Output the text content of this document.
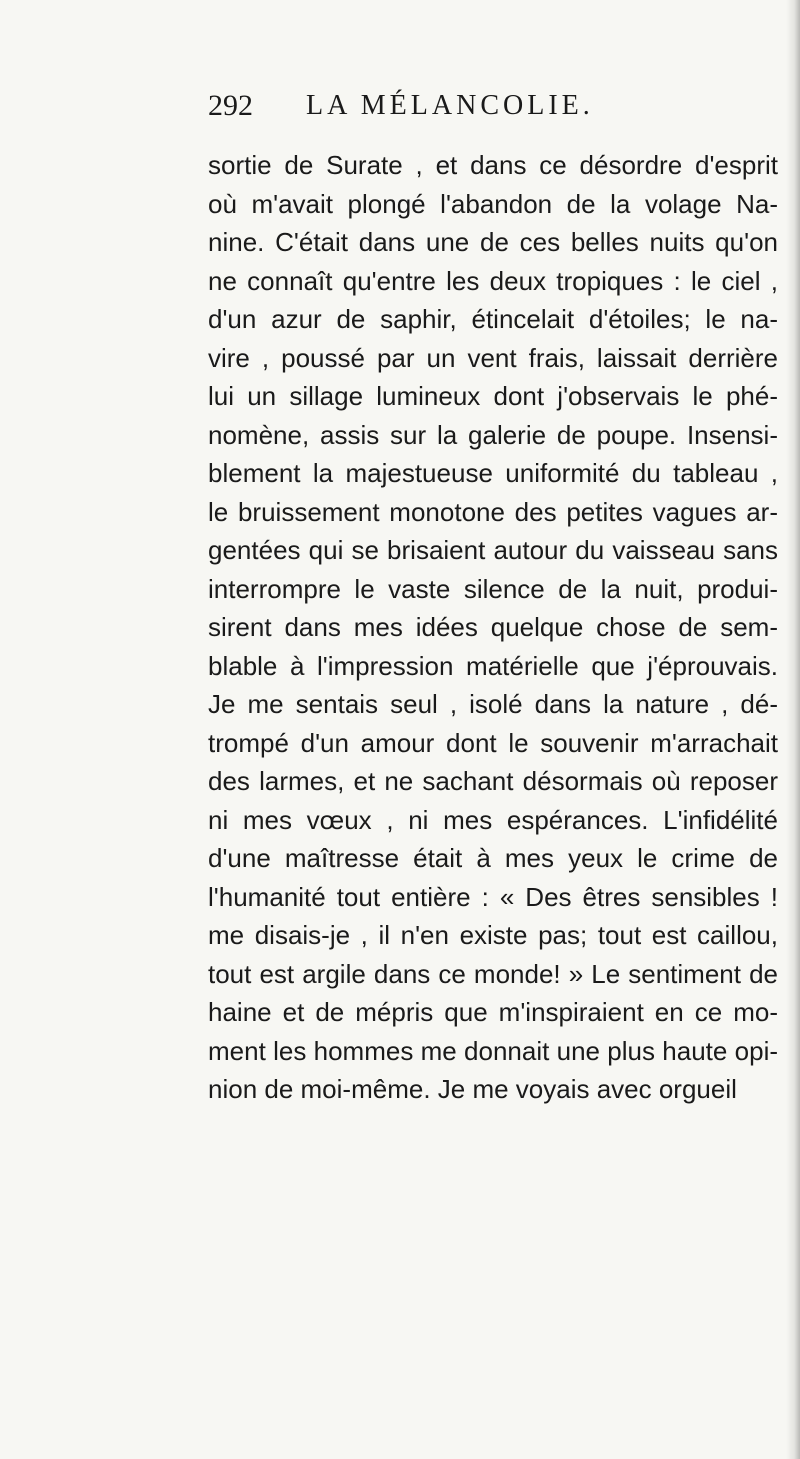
292 LA MÉLANCOLIE.
sortie de Surate , et dans ce désordre d'esprit
où m'avait plongé l'abandon de la volage Na-
nine. C'était dans une de ces belles nuits qu'on
ne connaît qu'entre les deux tropiques : le ciel ,
d'un azur de saphir, étincelait d'étoiles; le na-
vire , poussé par un vent frais, laissait derrière
lui un sillage lumineux dont j'observais le phé-
nomène, assis sur la galerie de poupe. Insensi-
blement la majestueuse uniformité du tableau ,
le bruissement monotone des petites vagues ar-
gentées qui se brisaient autour du vaisseau sans
interrompre le vaste silence de la nuit, produi-
sirent dans mes idées quelque chose de sem-
blable à l'impression matérielle que j'éprouvais.
Je me sentais seul , isolé dans la nature , dé-
trompé d'un amour dont le souvenir m'arrachait
des larmes, et ne sachant désormais où reposer
ni mes vœux , ni mes espérances. L'infidélité
d'une maîtresse était à mes yeux le crime de
l'humanité tout entière : « Des êtres sensibles !
me disais-je , il n'en existe pas; tout est caillou,
tout est argile dans ce monde! » Le sentiment de
haine et de mépris que m'inspiraient en ce mo-
ment les hommes me donnait une plus haute opi-
nion de moi-même. Je me voyais avec orgueil
